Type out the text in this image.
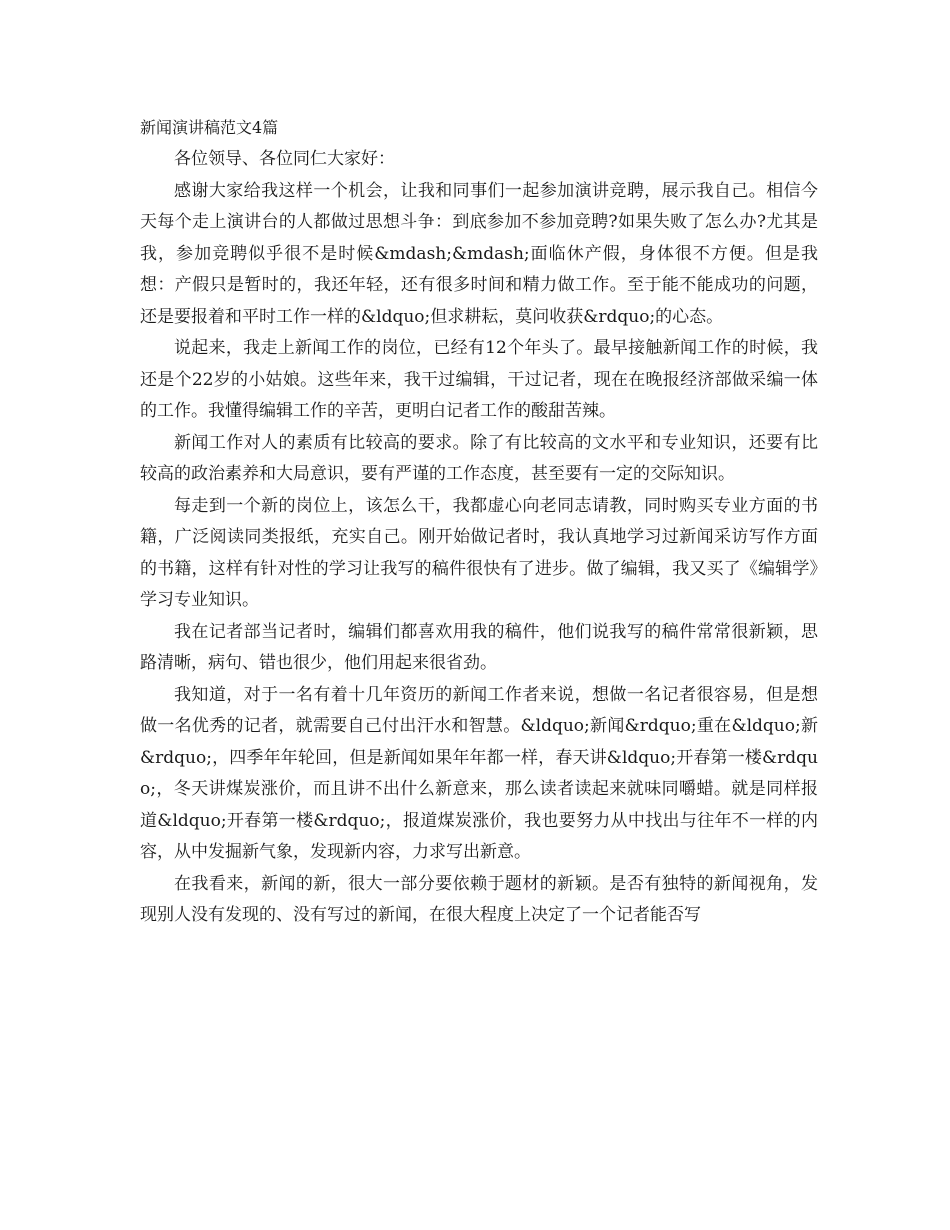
新闻演讲稿范文4篇

各位领导、各位同仁大家好：

感谢大家给我这样一个机会，让我和同事们一起参加演讲竞聘，展示我自己。相信今天每个走上演讲台的人都做过思想斗争：到底参加不参加竞聘?如果失败了怎么办?尤其是我，参加竞聘似乎很不是时候&mdash;&mdash;面临休产假，身体很不方便。但是我想：产假只是暂时的，我还年轻，还有很多时间和精力做工作。至于能不能成功的问题，还是要报着和平时工作一样的&ldquo;但求耕耘，莫问收获&rdquo;的心态。

说起来，我走上新闻工作的岗位，已经有12个年头了。最早接触新闻工作的时候，我还是个22岁的小姑娘。这些年来，我干过编辑，干过记者，现在在晚报经济部做采编一体的工作。我懂得编辑工作的辛苦，更明白记者工作的酸甜苦辣。

新闻工作对人的素质有比较高的要求。除了有比较高的文水平和专业知识，还要有比较高的政治素养和大局意识，要有严谨的工作态度，甚至要有一定的交际知识。

每走到一个新的岗位上，该怎么干，我都虚心向老同志请教，同时购买专业方面的书籍，广泛阅读同类报纸，充实自己。刚开始做记者时，我认真地学习过新闻采访写作方面的书籍，这样有针对性的学习让我写的稿件很快有了进步。做了编辑，我又买了《编辑学》学习专业知识。

我在记者部当记者时，编辑们都喜欢用我的稿件，他们说我写的稿件常常很新颖，思路清晰，病句、错也很少，他们用起来很省劲。

我知道，对于一名有着十几年资历的新闻工作者来说，想做一名记者很容易，但是想做一名优秀的记者，就需要自己付出汗水和智慧。&ldquo;新闻&rdquo;重在&ldquo;新&rdquo;，四季年年轮回，但是新闻如果年年都一样，春天讲&ldquo;开春第一楼&rdquo;，冬天讲煤炭涨价，而且讲不出什么新意来，那么读者读起来就味同嚼蜡。就是同样报道&ldquo;开春第一楼&rdquo;，报道煤炭涨价，我也要努力从中找出与往年不一样的内容，从中发掘新气象，发现新内容，力求写出新意。

在我看来，新闻的新，很大一部分要依赖于题材的新颖。是否有独特的新闻视角，发现别人没有发现的、没有写过的新闻，在很大程度上决定了一个记者能否写
